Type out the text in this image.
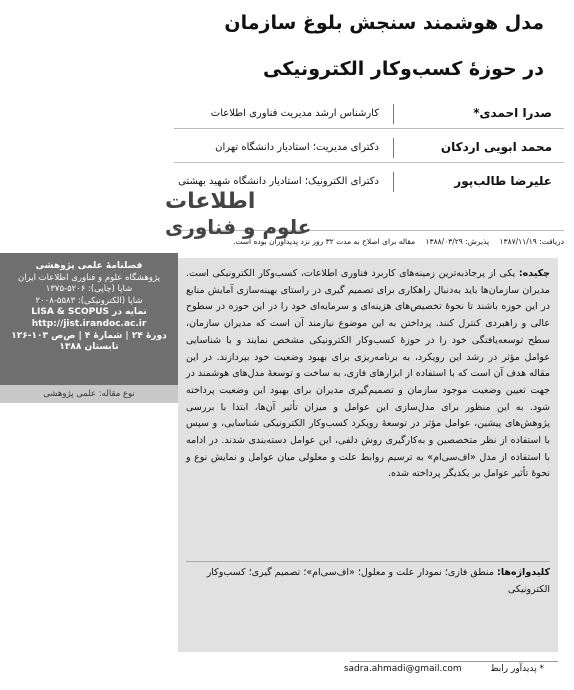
مدل هوشمند سنجش بلوغ سازمان
در حوزۀ کسب‌وکار الکترونیکی
صدرا احمدی*
کارشناس ارشد مدیریت فناوری اطلاعات
محمد ابویی اردکان
دکترای مدیریت؛ استادیار دانشگاه تهران
علیرضا طالب‌پور
دکترای الکترونیک؛ استادیار دانشگاه شهید بهشتی
اطلاعات
علوم و فناوری
دریافت: ۱۳۸۷/۱۱/۱۹ پذیرش: ۱۳۸۸/۰۳/۲۹ مقاله برای اصلاح به مدت ۳۲ روز نزد پدیدآوران بوده است.
فصلنامۀ علمی پژوهشی
پژوهشگاه علوم و فناوری اطلاعات ایران
شاپا (چاپی): ۵۲۰۶-۱۳۷۵
شاپا (الکترونیکی): ۵۵۸۳-۲۰۰۸
نمایه در LISA & SCOPUS
http://jist.irandoc.ac.ir
دورۀ ۲۴ | شمارۀ ۴ | ص‌ص ۱۰۳-۱۲۶
تابستان ۱۳۸۸
نوع مقاله: علمی پژوهشی
چکیده: یکی از پرجاذبه‌ترین زمینه‌های کاربرد فناوری اطلاعات، کسب‌وکار الکترونیکی است. مدیران سازمان‌ها باید به‌دنبال راهکاری برای تصمیم گیری در راستای بهینه‌سازی آمایش منابع در این حوزه باشند تا نحوۀ تخصیص‌های هزینه‌ای و سرمایه‌ای خود را در این حوزه در سطوح عالی و راهبردی کنترل کنند. پرداختن به این موضوع نیازمند آن است که مدیران سازمان، سطح توسعه‌یافتگی خود را در حوزۀ کسب‌وکار الکترونیکی مشخص نمایند و با شناسایی عوامل مؤثر در رشد این رویکرد، به برنامه‌ریزی برای بهبود وضعیت خود بپردازند. در این مقاله هدف آن است که با استفاده از ابزارهای فازی، به ساخت و توسعۀ مدل‌های هوشمند در جهت تعیین وضعیت موجود سازمان و تصمیم‌گیری مدیران برای بهبود این وضعیت پرداخته شود. به این منظور برای مدل‌سازی این عوامل و میزان تأثیر آن‌ها، ابتدا با بررسی پژوهش‌های پیشین، عوامل مؤثر در توسعۀ رویکرد کسب‌وکار الکترونیکی شناسایی، و سپس با استفاده از نظر متخصصین و به‌کارگیری روش دلفی، این عوامل دسته‌بندی شدند. در ادامه با استفاده از مدل «اف‌سی‌ام» به ترسیم روابط علت و معلولی میان عوامل و نمایش نوع و نحوۀ تأثیر عوامل بر یکدیگر پرداخته شده.
کلیدواژه‌ها: منطق فازی؛ نمودار علت و معلول؛ «اف‌سی‌ام»؛ تصمیم گیری؛ کسب‌وکار الکترونیکی
* پدیدآور رابط          sadra.ahmadi@gmail.com
